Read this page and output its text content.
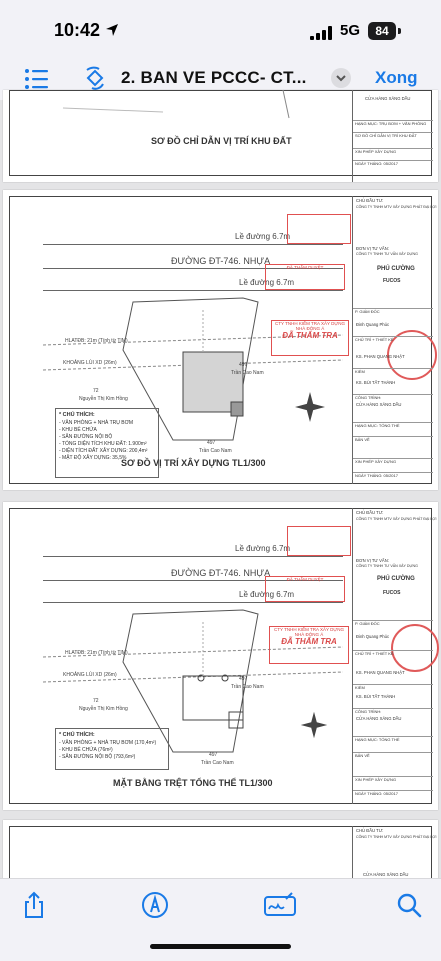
10:42	5G	84
2. BAN VE PCCC- CT...	Xong
SƠ ĐỒ CHỈ DẪN VỊ TRÍ KHU ĐẤT
CỬA HÀNG XĂNG DẦU
HẠNG MỤC: TRỤ BƠM + VĂN PHÒNG
SƠ ĐỒ CHỈ DẪN VỊ TRÍ KHU ĐẤT
XIN PHÉP XÂY DỰNG
NGÀY THÁNG: 05/2017
Lề đường 6.7m
ĐƯỜNG ĐT-746. NHỰA
Lề đường 6.7m
HLATĐB: 21m (Tính từ TIM)
KHOẢNG LÙI XD (26m)
72
Nguyễn Thị Kim Hồng
497
Trần Cao Nam
497
Trần Cao Nam
* CHÚ THÍCH:
- VĂN PHÒNG + NHÀ TRỤ BƠM
- KHU BỂ CHỨA
- SÂN ĐƯỜNG NỘI BỘ
- TỔNG DIỆN TÍCH KHU ĐẤT: 1.900m²
- DIỆN TÍCH ĐẤT XÂY DỰNG: 200,4m²
- MẬT ĐỘ XÂY DỰNG: 35,5%
SƠ ĐỒ VỊ TRÍ XÂY DỰNG TL1/300
ĐÃ THẨM DUYỆT
CTY TNHH KIỂM TRA XÂY DỰNG NHÀ ĐÔNG Á
ĐÃ THẨM TRA
CHỦ ĐẦU TƯ:
CÔNG TY TNHH MTV XÂY DỰNG PHÁT ĐẠI LỢI
ĐƠN VỊ TƯ VẤN:
CÔNG TY TNHH TƯ VẤN XÂY DỰNG
PHÚ CƯỜNG
FUCOS
P. GIÁM ĐỐC
Đinh Quang Phúc
CHỦ TRÌ + THIẾT KẾ
KS. PHAN QUANG NHẬT
KIỂM
KS. BÙI TẤT THÀNH
CÔNG TRÌNH:
CỬA HÀNG XĂNG DẦU
HẠNG MỤC: TỔNG THỂ
BẢN VẼ
XIN PHÉP XÂY DỰNG
NGÀY THÁNG: 05/2017
Lề đường 6.7m
ĐƯỜNG ĐT-746. NHỰA
Lề đường 6.7m
HLATĐB: 21m (Tính từ TIM)
KHOẢNG LÙI XD (26m)
72
Nguyễn Thị Kim Hồng
497
Trần Cao Nam
497
Trần Cao Nam
* CHÚ THÍCH:
- VĂN PHÒNG + NHÀ TRỤ BƠM (170,4m²)
- KHU BỂ CHỨA (76m²)
- SÂN ĐƯỜNG NỘI BỘ (793,6m²)
MẶT BẰNG TRỆT TỔNG THỂ TL1/300
ĐÃ THẨM DUYỆT
CTY TNHH KIỂM TRA XÂY DỰNG NHÀ ĐÔNG Á
ĐÃ THẨM TRA
CHỦ ĐẦU TƯ:
CÔNG TY TNHH MTV XÂY DỰNG PHÁT ĐẠI LỢI
ĐƠN VỊ TƯ VẤN:
CÔNG TY TNHH TƯ VẤN XÂY DỰNG
PHÚ CƯỜNG
FUCOS
P. GIÁM ĐỐC
Đinh Quang Phúc
CHỦ TRÌ + THIẾT KẾ
KS. PHAN QUANG NHẬT
KIỂM
KS. BÙI TẤT THÀNH
CÔNG TRÌNH:
CỬA HÀNG XĂNG DẦU
HẠNG MỤC: TỔNG THỂ
BẢN VẼ
XIN PHÉP XÂY DỰNG
NGÀY THÁNG: 05/2017
CHỦ ĐẦU TƯ:
CÔNG TY TNHH MTV XÂY DỰNG PHÁT ĐẠI LỢI
CỬA HÀNG XĂNG DẦU
